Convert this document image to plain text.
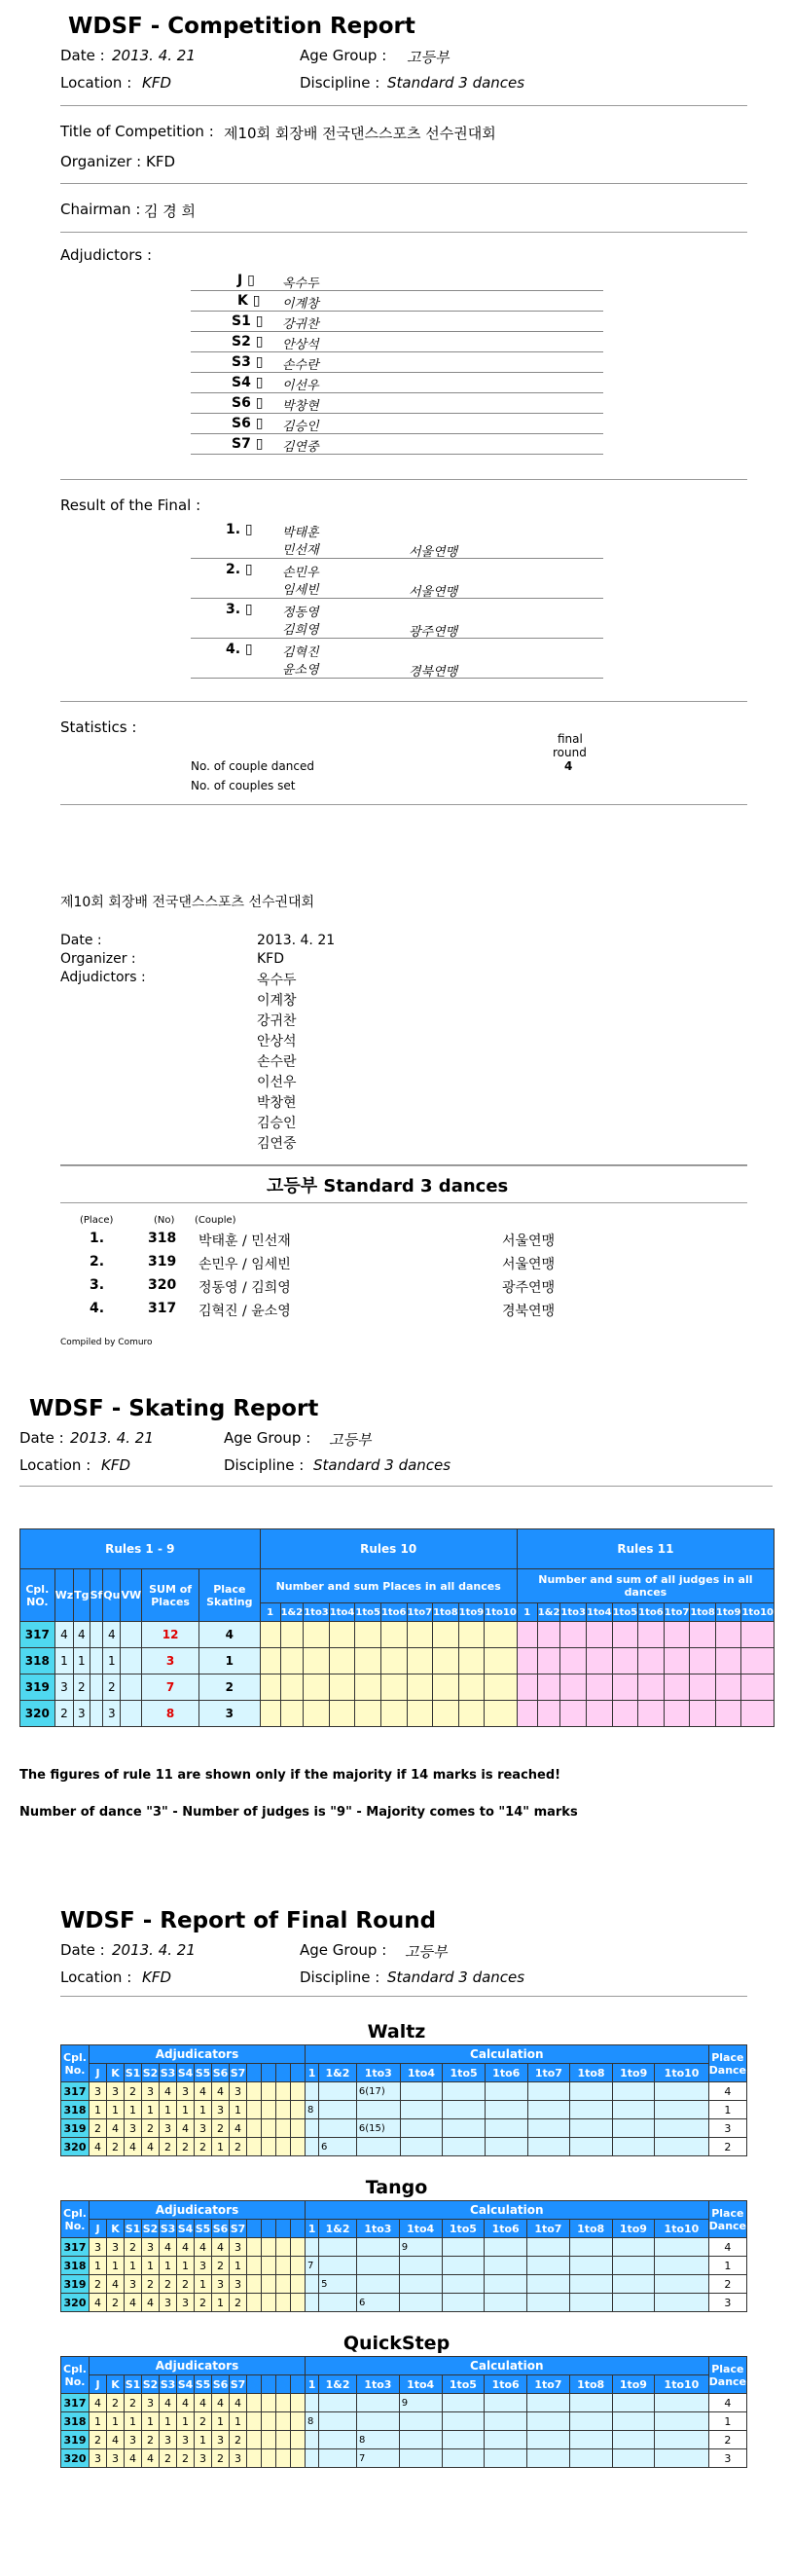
WDSF - Competition Report
Date : 2013. 4. 21	Age Group : 고등부
Location : KFD	Discipline : Standard 3 dances
Title of Competition : 제10회 회장배 전국댄스스포츠 선수권대회
Organizer : KFD
Chairman : 김 경 희
Adjudictors :
J ▯ 옥수두
K ▯ 이계창
S1 ▯ 강귀찬
S2 ▯ 안상석
S3 ▯ 손수란
S4 ▯ 이선우
S6 ▯ 박창현
S6 ▯ 김승인
S7 ▯ 김연중
Result of the Final :
1. ▯ 박태훈
민선재	서울연맹
2. ▯ 손민우
임세빈	서울연맹
3. ▯ 정동영
김희영	광주연맹
4. ▯ 김혁진
윤소영	경북연맹
Statistics :
final
round
No. of couple danced	4
No. of couples set
제10회 회장배 전국댄스스포츠 선수권대회
Date :	2013. 4. 21
Organizer :	KFD
Adjudictors :	옥수두
이계창
강귀찬
안상석
손수란
이선우
박창현
김승인
김연중
고등부 Standard 3 dances
(Place)	(No) (Couple)
1.	318 박태훈 / 민선재	서울연맹
2.	319 손민우 / 임세빈	서울연맹
3.	320 정동영 / 김희영	광주연맹
4.	317 김혁진 / 윤소영	경북연맹
Compiled by Comuro
WDSF - Skating Report
Date : 2013. 4. 21	Age Group : 고등부
Location : KFD	Discipline : Standard 3 dances
Rules 1 - 9								Rules 10										Rules 11									
Cpl. NO.	Wz	Tg	Sf	Qu	VW	SUM of Places	Place Skating	Number and sum Places in all dances										Number and sum of all judges in all dances									
								1	1&2	1to3	1to4	1to5	1to6	1to7	1to8	1to9	1to10	1	1&2	1to3	1to4	1to5	1to6	1to7	1to8	1to9	1to10
317	4	4		4		12	4																				
318	1	1		1		3	1																				
319	3	2		2		7	2																				
320	2	3		3		8	3																				
The figures of rule 11 are shown only if the majority if 14 marks is reached!
Number of dance "3" - Number of judges is "9" - Majority comes to "14" marks
WDSF - Report of Final Round
Date : 2013. 4. 21	Age Group : 고등부
Location : KFD	Discipline : Standard 3 dances
Waltz
Cpl. No.	Adjudicators													Calculation										Place Dance
	J	K	S1	S2	S3	S4	S5	S6	S7					1	1&2	1to3	1to4	1to5	1to6	1to7	1to8	1to9	1to10	
317	3	3	2	3	4	3	4	4	3							6(17)								4
318	1	1	1	1	1	1	1	3	1					8										1
319	2	4	3	2	3	4	3	2	4							6(15)								3
320	4	2	4	4	2	2	2	1	2						6									2
Tango
Cpl. No.	Adjudicators													Calculation										Place Dance
	J	K	S1	S2	S3	S4	S5	S6	S7					1	1&2	1to3	1to4	1to5	1to6	1to7	1to8	1to9	1to10	
317	3	3	2	3	4	4	4	4	3								9							4
318	1	1	1	1	1	1	3	2	1					7										1
319	2	4	3	2	2	2	1	3	3						5									2
320	4	2	4	4	3	3	2	1	2							6								3
QuickStep
Cpl. No.	Adjudicators													Calculation										Place Dance
	J	K	S1	S2	S3	S4	S5	S6	S7					1	1&2	1to3	1to4	1to5	1to6	1to7	1to8	1to9	1to10	
317	4	2	2	3	4	4	4	4	4								9							4
318	1	1	1	1	1	1	2	1	1					8										1
319	2	4	3	2	3	3	1	3	2							8								2
320	3	3	4	4	2	2	3	2	3							7								3
